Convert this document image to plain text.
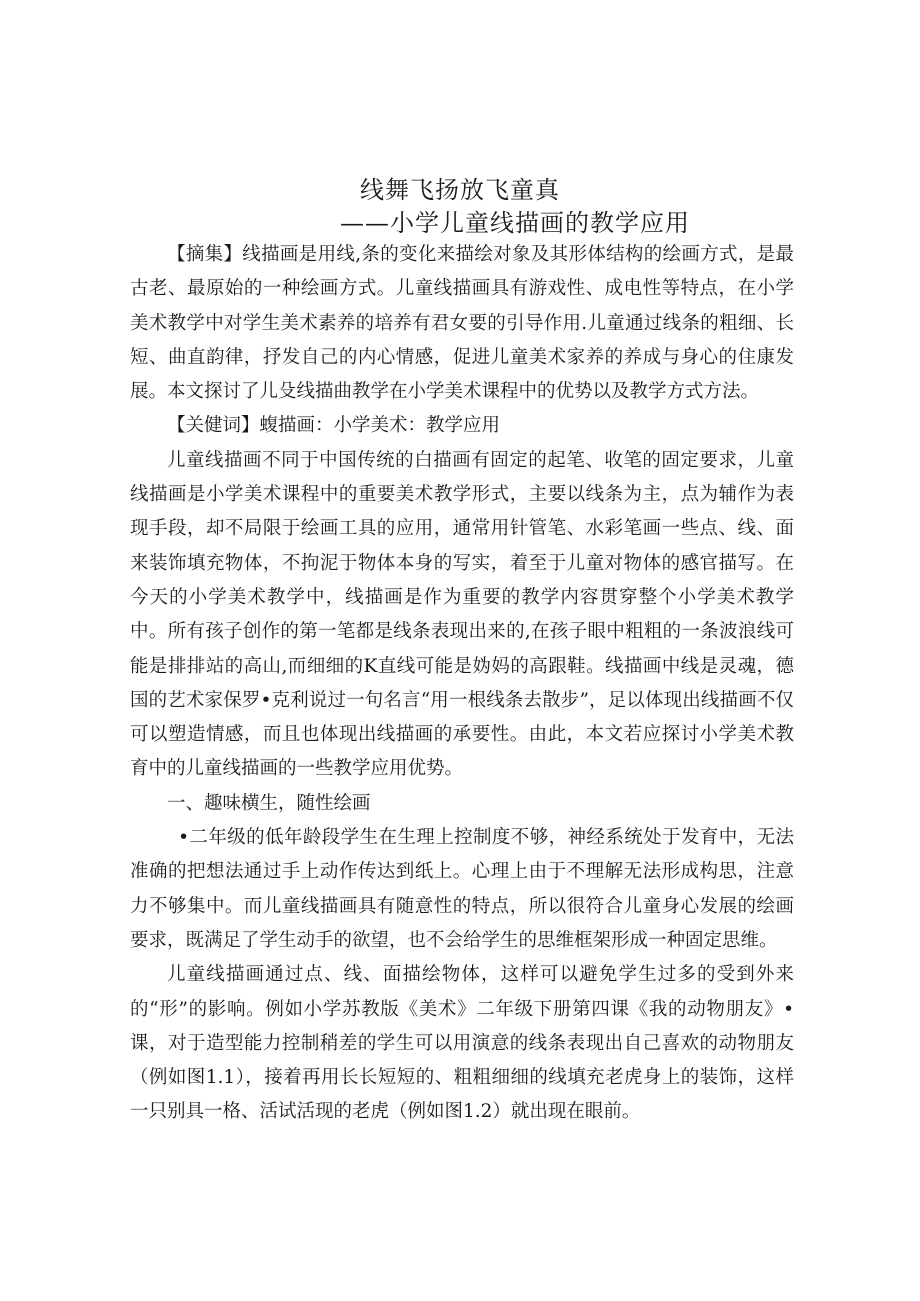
线舞飞扬放飞童真
——小学儿童线描画的教学应用

【摘集】线描画是用线,条的变化来描绘对象及其形体结构的绘画方式，是最古老、最原始的一种绘画方式。儿童线描画具有游戏性、成电性等特点，在小学美术教学中对学生美术素养的培养有君女要的引导作用.儿童通过线条的粗细、长短、曲直韵律，抒发自己的内心情感，促进儿童美术家养的养成与身心的住康发展。本文探讨了儿殳线描曲教学在小学美术课程中的优势以及教学方式方法。

【关健词】蝮描画：小学美术：教学应用

儿童线描画不同于中国传统的白描画有固定的起笔、收笔的固定要求，儿童线描画是小学美术课程中的重要美术教学形式，主要以线条为主，点为辅作为表现手段，却不局限于绘画工具的应用，通常用针管笔、水彩笔画一些点、线、面来装饰填充物体，不拘泥于物体本身的写实，着至于儿童对物体的感官描写。在今天的小学美术教学中，线描画是作为重要的教学内容贯穿整个小学美术教学中。所有孩子创作的第一笔都是线条表现出来的,在孩子眼中粗粗的一条波浪线可能是排排站的高山,而细细的K直线可能是妫妈的高跟鞋。线描画中线是灵魂，德国的艺术家保罗•克利说过一句名言“用一根线条去散步”，足以体现出线描画不仅可以塑造情感，而且也体现出线描画的承要性。由此，本文若应探讨小学美术教育中的儿童线描画的一些教学应用优势。

一、趣味横生，随性绘画

•二年级的低年龄段学生在生理上控制度不够，神经系统处于发育中，无法准确的把想法通过手上动作传达到纸上。心理上由于不理解无法形成构思，注意力不够集中。而儿童线描画具有随意性的特点，所以很符合儿童身心发展的绘画要求，既满足了学生动手的欲望，也不会给学生的思维框架形成一种固定思维。

儿童线描画通过点、线、面描绘物体，这样可以避免学生过多的受到外来的“形”的影响。例如小学苏教版《美术》二年级下册第四课《我的动物朋友》•课，对于造型能力控制稍差的学生可以用演意的线条表现出自己喜欢的动物朋友（例如图1.1），接着再用长长短短的、粗粗细细的线填充老虎身上的装饰，这样一只别具一格、活试活现的老虎（例如图1.2）就出现在眼前。
